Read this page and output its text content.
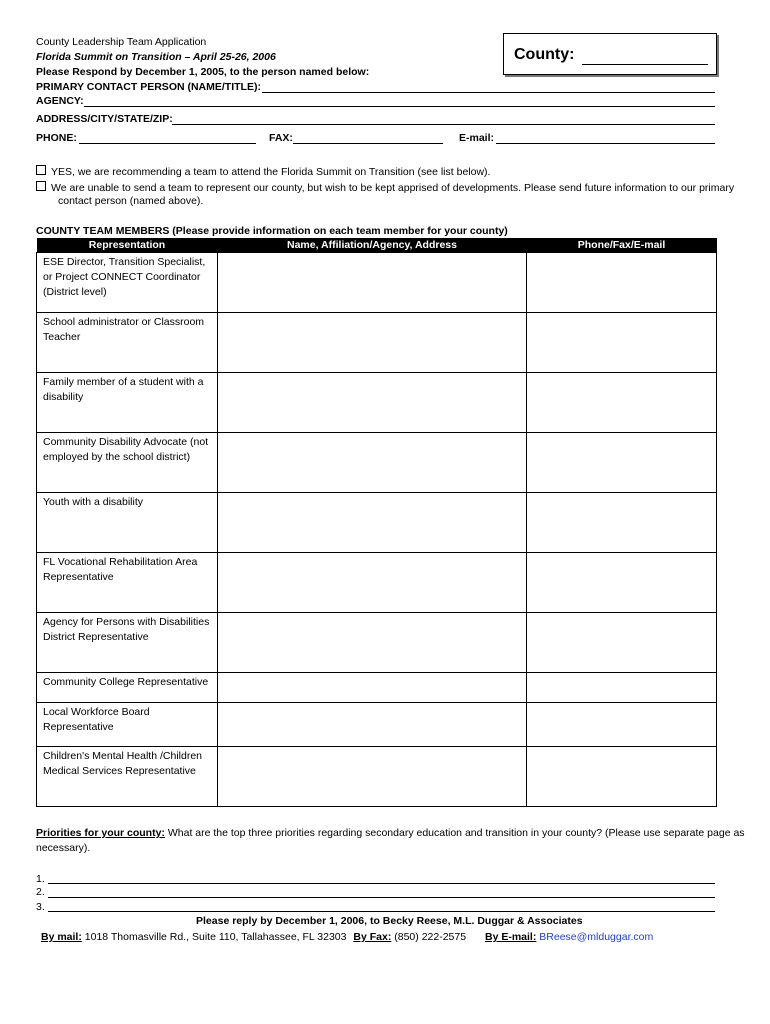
County Leadership Team Application
Florida Summit on Transition – April 25-26, 2006
Please Respond by December 1, 2005, to the person named below:
County:
PRIMARY CONTACT PERSON (NAME/TITLE):
AGENCY:
ADDRESS/CITY/STATE/ZIP:
PHONE:	FAX:	E-mail:
YES, we are recommending a team to attend the Florida Summit on Transition (see list below).
We are unable to send a team to represent our county, but wish to be kept apprised of developments. Please send future information to our primary
contact person (named above).
COUNTY TEAM MEMBERS (Please provide information on each team member for your county)
Representation	Name, Affiliation/Agency, Address	Phone/Fax/E-mail
ESE Director, Transition Specialist, or Project CONNECT Coordinator (District level)		
School administrator or Classroom Teacher		
Family member of a student with a disability		
Community Disability Advocate (not employed by the school district)		
Youth with a disability		
FL Vocational Rehabilitation Area Representative		
Agency for Persons with Disabilities District Representative		
Community College Representative		
Local Workforce Board Representative		
Children's Mental Health /Children Medical Services Representative		
Priorities for your county: What are the top three priorities regarding secondary education and transition in your county? (Please use separate page as
necessary).
1.
2.
3.
Please reply by December 1, 2006, to Becky Reese, M.L. Duggar & Associates
By mail: 1018 Thomasville Rd., Suite 110, Tallahassee, FL 32303 By Fax: (850) 222-2575 By E-mail: BReese@mlduggar.com
